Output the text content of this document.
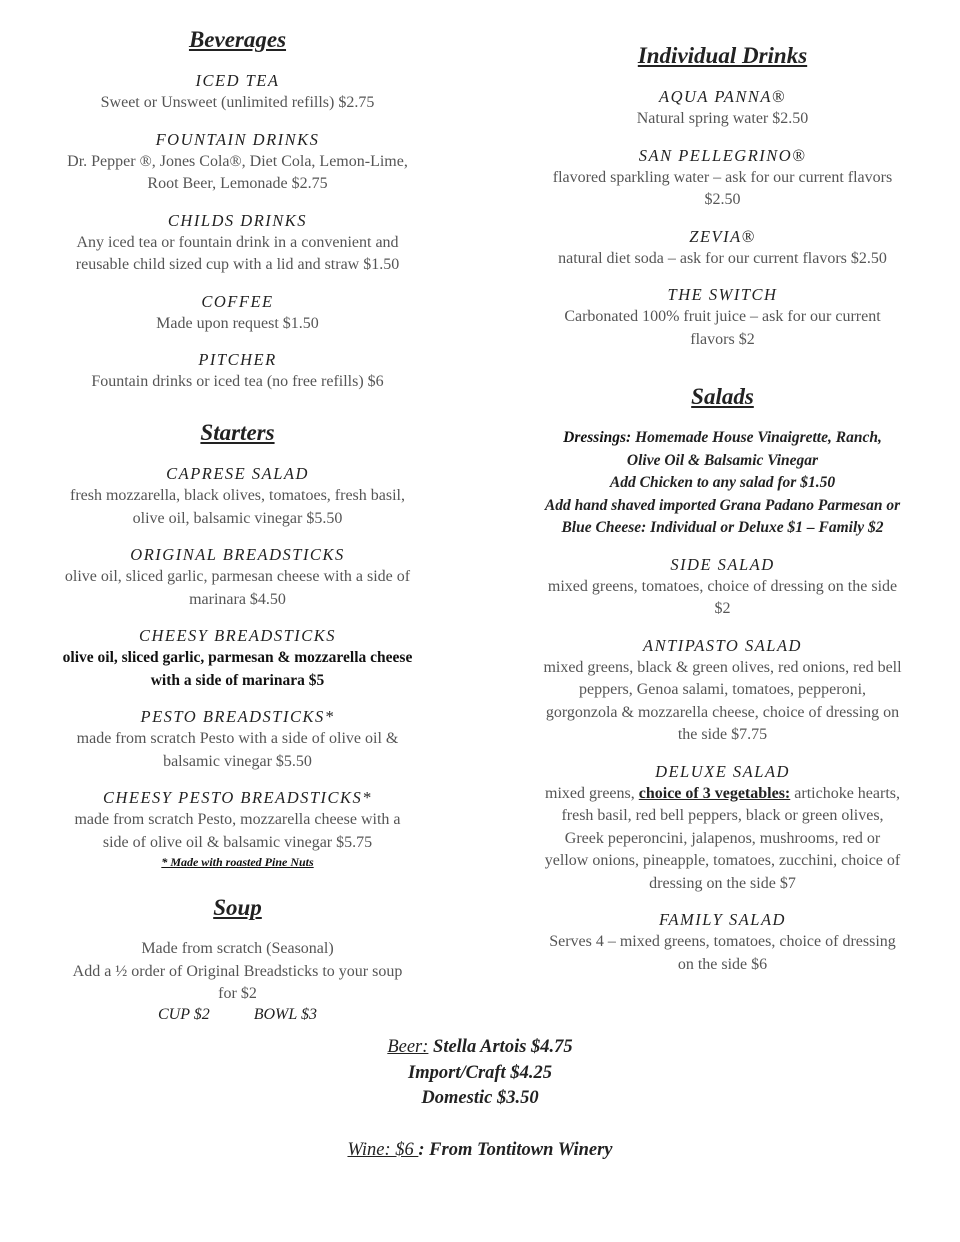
Beverages
ICED TEA
Sweet or Unsweet (unlimited refills) $2.75
FOUNTAIN DRINKS
Dr. Pepper ®, Jones Cola®, Diet Cola, Lemon-Lime,
Root Beer, Lemonade $2.75
CHILDS DRINKS
Any iced tea or fountain drink in a convenient and
reusable child sized cup with a lid and straw $1.50
COFFEE
Made upon request $1.50
PITCHER
Fountain drinks or iced tea (no free refills) $6
Starters
CAPRESE SALAD
fresh mozzarella, black olives, tomatoes, fresh basil,
olive oil, balsamic vinegar $5.50
ORIGINAL BREADSTICKS
olive oil, sliced garlic, parmesan cheese with a side of
marinara $4.50
CHEESY BREADSTICKS
olive oil, sliced garlic, parmesan & mozzarella cheese
with a side of marinara $5
PESTO BREADSTICKS*
made from scratch Pesto with a side of olive oil &
balsamic vinegar $5.50
CHEESY PESTO BREADSTICKS*
made from scratch Pesto, mozzarella cheese with a
side of olive oil & balsamic vinegar $5.75
* Made with roasted Pine Nuts
Soup
Made from scratch (Seasonal)
Add a ½ order of Original Breadsticks to your soup
for $2
CUP $2	BOWL $3
Individual Drinks
AQUA PANNA®
Natural spring water $2.50
SAN PELLEGRINO®
flavored sparkling water – ask for our current flavors
$2.50
ZEVIA®
natural diet soda – ask for our current flavors $2.50
THE SWITCH
Carbonated 100% fruit juice – ask for our current
flavors $2
Salads
Dressings: Homemade House Vinaigrette, Ranch,
Olive Oil & Balsamic Vinegar
Add Chicken to any salad for $1.50
Add hand shaved imported Grana Padano Parmesan or
Blue Cheese: Individual or Deluxe $1 – Family $2
SIDE SALAD
mixed greens, tomatoes, choice of dressing on the side
$2
ANTIPASTO SALAD
mixed greens, black & green olives, red onions, red bell
peppers, Genoa salami, tomatoes, pepperoni,
gorgonzola & mozzarella cheese, choice of dressing on
the side $7.75
DELUXE SALAD
mixed greens, choice of 3 vegetables: artichoke hearts,
fresh basil, red bell peppers, black or green olives,
Greek peperoncini, jalapenos, mushrooms, red or
yellow onions, pineapple, tomatoes, zucchini, choice of
dressing on the side $7
FAMILY SALAD
Serves 4 – mixed greens, tomatoes, choice of dressing
on the side $6
Beer: Stella Artois $4.75
Import/Craft $4.25
Domestic $3.50
Wine: $6 : From Tontitown Winery
